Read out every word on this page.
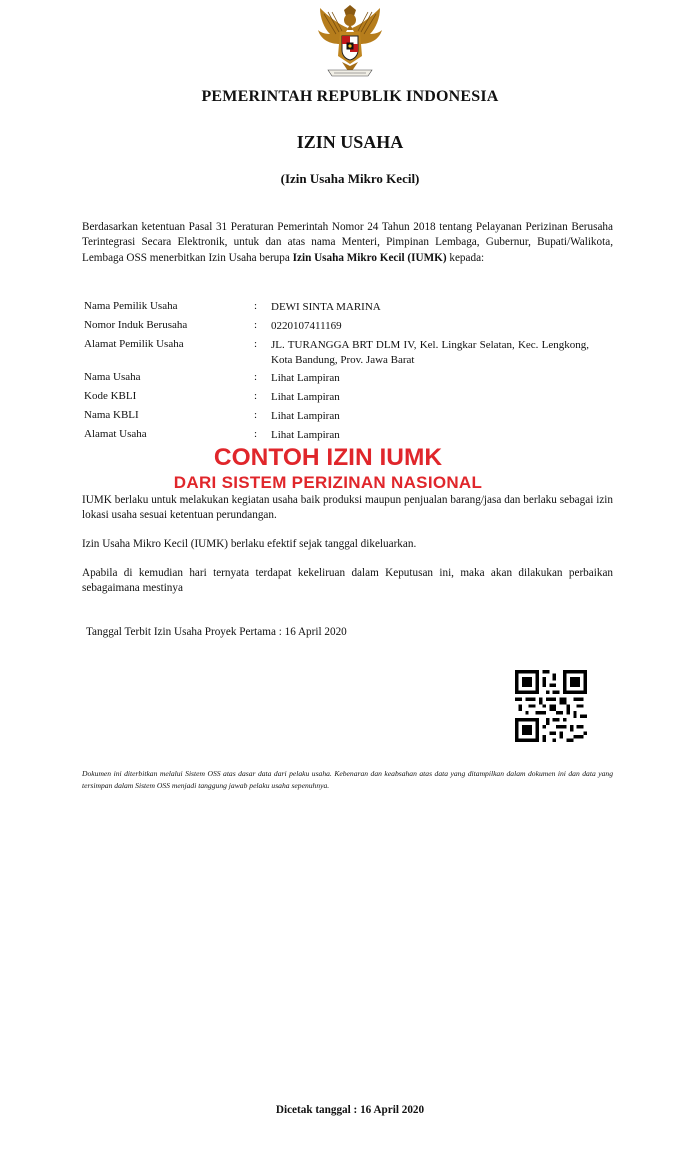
PEMERINTAH REPUBLIK INDONESIA
IZIN USAHA
(Izin Usaha Mikro Kecil)
Berdasarkan ketentuan Pasal 31 Peraturan Pemerintah Nomor 24 Tahun 2018 tentang Pelayanan Perizinan Berusaha Terintegrasi Secara Elektronik, untuk dan atas nama Menteri, Pimpinan Lembaga, Gubernur, Bupati/Walikota, Lembaga OSS menerbitkan Izin Usaha berupa Izin Usaha Mikro Kecil (IUMK) kepada:
Nama Pemilik Usaha	:	DEWI SINTA MARINA
Nomor Induk Berusaha	:	0220107411169
Alamat Pemilik Usaha	:	JL. TURANGGA BRT DLM IV, Kel. Lingkar Selatan, Kec. Lengkong, Kota Bandung, Prov. Jawa Barat
Nama Usaha	:	Lihat Lampiran
Kode KBLI	:	Lihat Lampiran
Nama KBLI	:	Lihat Lampiran
Alamat Usaha	:	Lihat Lampiran
CONTOH IZIN IUMK
DARI SISTEM PERIZINAN NASIONAL
IUMK berlaku untuk melakukan kegiatan usaha baik produksi maupun penjualan barang/jasa dan berlaku sebagai izin lokasi usaha sesuai ketentuan perundangan.
Izin Usaha Mikro Kecil (IUMK) berlaku efektif sejak tanggal dikeluarkan.
Apabila di kemudian hari ternyata terdapat kekeliruan dalam Keputusan ini, maka akan dilakukan perbaikan sebagaimana mestinya
Tanggal Terbit Izin Usaha Proyek Pertama : 16 April 2020
Dokumen ini diterbitkan melalui Sistem OSS atas dasar data dari pelaku usaha. Kebenaran dan keabsahan atas data yang ditampilkan dalam dokumen ini dan data yang tersimpan dalam Sistem OSS menjadi tanggung jawab pelaku usaha sepenuhnya.
Dicetak tanggal : 16 April 2020
